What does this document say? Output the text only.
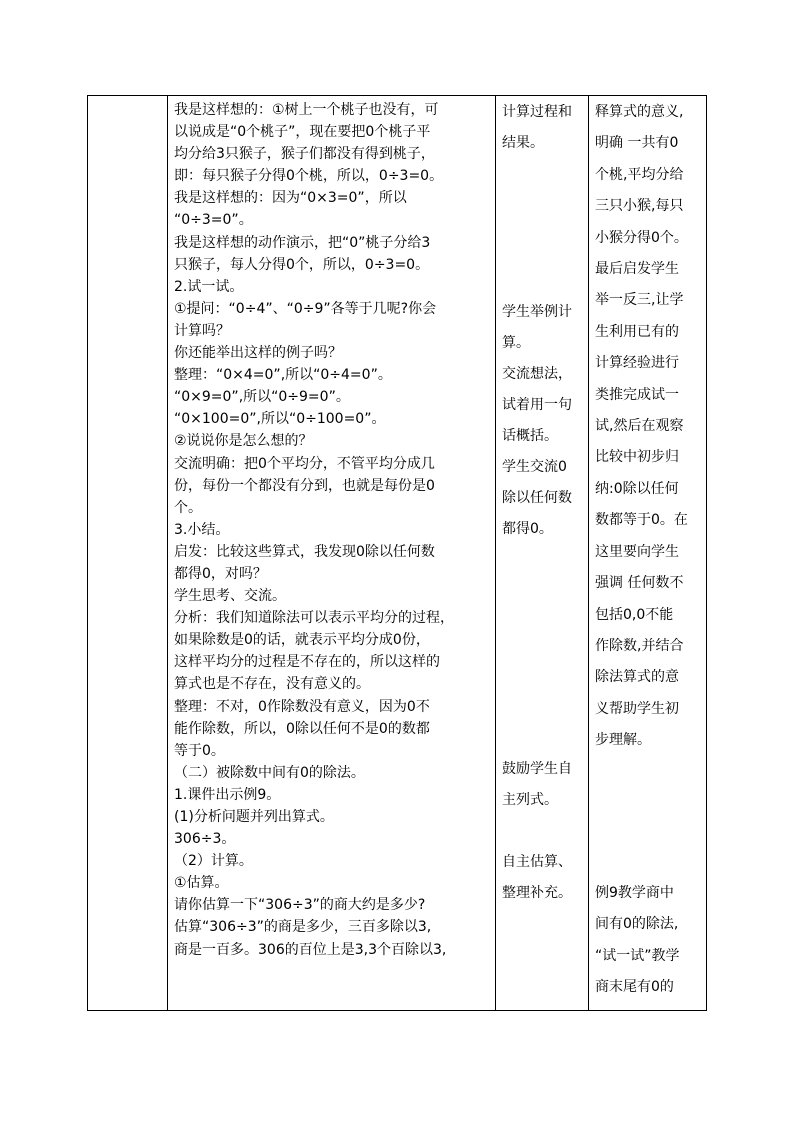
我是这样想的：①树上一个桃子也没有，可
以说成是“0个桃子”，现在要把0个桃子平
均分给3只猴子，猴子们都没有得到桃子，
即：每只猴子分得0个桃，所以，0÷3=0。
我是这样想的：因为“0×3=0”，所以
“0÷3=0”。
我是这样想的动作演示，把“0”桃子分给3
只猴子，每人分得0个，所以，0÷3=0。
2.试一试。
①提问：“0÷4”、“0÷9”各等于几呢?你会
计算吗？
你还能举出这样的例子吗？
整理：“0×4=0”,所以“0÷4=0”。
“0×9=0”,所以“0÷9=0”。
“0×100=0”,所以“0÷100=0”。
②说说你是怎么想的？
交流明确：把0个平均分，不管平均分成几
份，每份一个都没有分到，也就是每份是0
个。
3.小结。
启发：比较这些算式，我发现0除以任何数
都得0，对吗？
学生思考、交流。
分析：我们知道除法可以表示平均分的过程，
如果除数是0的话，就表示平均分成0份，
这样平均分的过程是不存在的，所以这样的
算式也是不存在，没有意义的。
整理：不对，0作除数没有意义，因为0不
能作除数，所以，0除以任何不是0的数都
等于0。
（二）被除数中间有0的除法。
1.课件出示例9。
(1)分析问题并列出算式。
306÷3。
（2）计算。
①估算。
请你估算一下“306÷3”的商大约是多少?
估算“306÷3”的商是多少，三百多除以3,
商是一百多。306的百位上是3,3个百除以3,
计算过程和
结果。
学生举例计
算。
交流想法，
试着用一句
话概括。
学生交流0
除以任何数
都得0。
鼓励学生自
主列式。
自主估算、
整理补充。
释算式的意义,
明确 一共有0
个桃,平均分给
三只小猴,每只
小猴分得0个。
最后启发学生
举一反三,让学
生利用已有的
计算经验进行
类推完成试一
试,然后在观察
比较中初步归
纳:0除以任何
数都等于0。在
这里要向学生
强调 任何数不
包括0,0不能
作除数,并结合
除法算式的意
义帮助学生初
步理解。
例9教学商中
间有0的除法,
“试一试”教学
商末尾有0的
